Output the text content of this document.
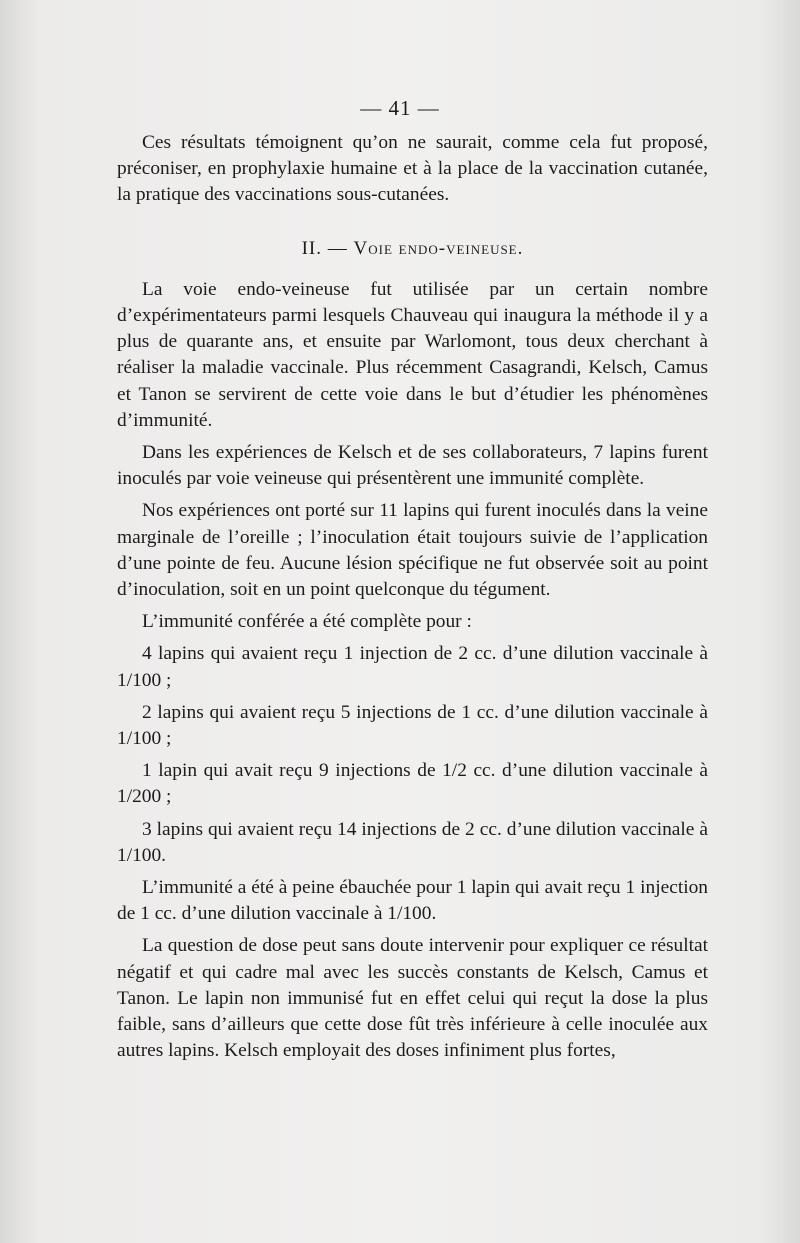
— 41 —

Ces résultats témoignent qu’on ne saurait, comme cela fut proposé, préconiser, en prophylaxie humaine et à la place de la vaccination cutanée, la pratique des vaccinations sous-cutanées.

II. — Voie endo-veineuse.

La voie endo-veineuse fut utilisée par un certain nombre d’expérimentateurs parmi lesquels Chauveau qui inaugura la méthode il y a plus de quarante ans, et ensuite par Warlomont, tous deux cherchant à réaliser la maladie vaccinale. Plus récemment Casagrandi, Kelsch, Camus et Tanon se servirent de cette voie dans le but d’étudier les phénomènes d’immunité.

Dans les expériences de Kelsch et de ses collaborateurs, 7 lapins furent inoculés par voie veineuse qui présentèrent une immunité complète.

Nos expériences ont porté sur 11 lapins qui furent inoculés dans la veine marginale de l’oreille ; l’inoculation était toujours suivie de l’application d’une pointe de feu. Aucune lésion spécifique ne fut observée soit au point d’inoculation, soit en un point quelconque du tégument.

L’immunité conférée a été complète pour :

4 lapins qui avaient reçu 1 injection de 2 cc. d’une dilution vaccinale à 1/100 ;

2 lapins qui avaient reçu 5 injections de 1 cc. d’une dilution vaccinale à 1/100 ;

1 lapin qui avait reçu 9 injections de 1/2 cc. d’une dilution vaccinale à 1/200 ;

3 lapins qui avaient reçu 14 injections de 2 cc. d’une dilution vaccinale à 1/100.

L’immunité a été à peine ébauchée pour 1 lapin qui avait reçu 1 injection de 1 cc. d’une dilution vaccinale à 1/100.

La question de dose peut sans doute intervenir pour expliquer ce résultat négatif et qui cadre mal avec les succès constants de Kelsch, Camus et Tanon. Le lapin non immunisé fut en effet celui qui reçut la dose la plus faible, sans d’ailleurs que cette dose fût très inférieure à celle inoculée aux autres lapins. Kelsch employait des doses infiniment plus fortes,
